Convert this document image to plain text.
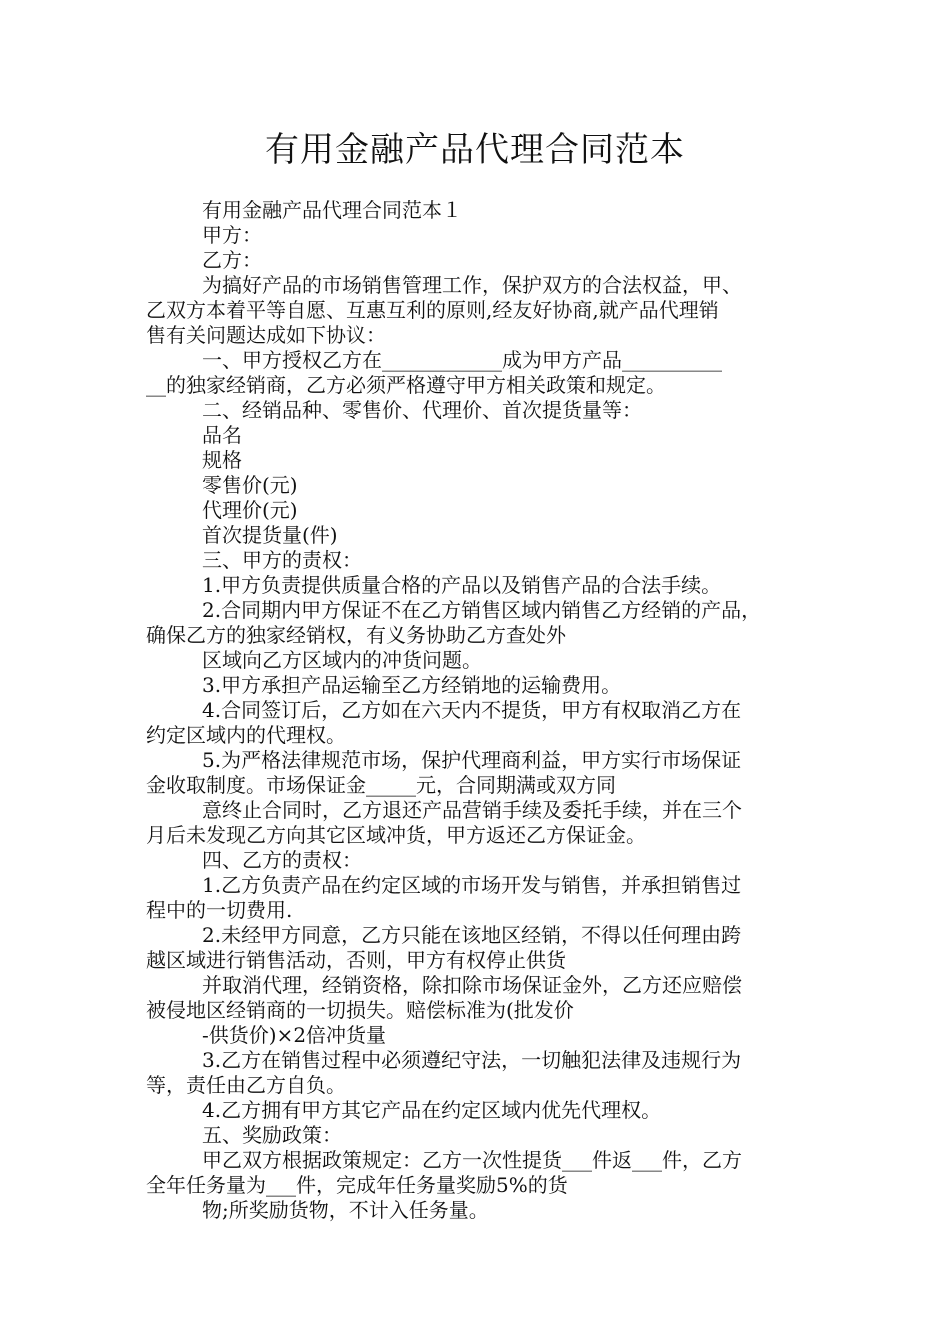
有用金融产品代理合同范本
有用金融产品代理合同范本１
甲方：
乙方：
为搞好产品的市场销售管理工作，保护双方的合法权益，甲、
乙双方本着平等自愿、互惠互利的原则,经友好协商,就产品代理销
售有关问题达成如下协议：
一、甲方授权乙方在____________成为甲方产品__________
__的独家经销商，乙方必须严格遵守甲方相关政策和规定。
二、经销品种、零售价、代理价、首次提货量等：
品名
规格
零售价(元)
代理价(元)
首次提货量(件)
三、甲方的责权：
1.甲方负责提供质量合格的产品以及销售产品的合法手续。
2.合同期内甲方保证不在乙方销售区域内销售乙方经销的产品，
确保乙方的独家经销权，有义务协助乙方查处外
区域向乙方区域内的冲货问题。
3.甲方承担产品运输至乙方经销地的运输费用。
4.合同签订后，乙方如在六天内不提货，甲方有权取消乙方在
约定区域内的代理权。
5.为严格法律规范市场，保护代理商利益，甲方实行市场保证
金收取制度。市场保证金_____元，合同期满或双方同
意终止合同时，乙方退还产品营销手续及委托手续，并在三个
月后未发现乙方向其它区域冲货，甲方返还乙方保证金。
四、乙方的责权：
1.乙方负责产品在约定区域的市场开发与销售，并承担销售过
程中的一切费用.
2.未经甲方同意，乙方只能在该地区经销，不得以任何理由跨
越区域进行销售活动，否则，甲方有权停止供货
并取消代理，经销资格，除扣除市场保证金外，乙方还应赔偿
被侵地区经销商的一切损失。赔偿标准为(批发价
-供货价)×2倍冲货量
3.乙方在销售过程中必须遵纪守法，一切触犯法律及违规行为
等，责任由乙方自负。
4.乙方拥有甲方其它产品在约定区域内优先代理权。
五、奖励政策：
甲乙双方根据政策规定：乙方一次性提货___件返___件，乙方
全年任务量为___件，完成年任务量奖励5%的货
物;所奖励货物，不计入任务量。
